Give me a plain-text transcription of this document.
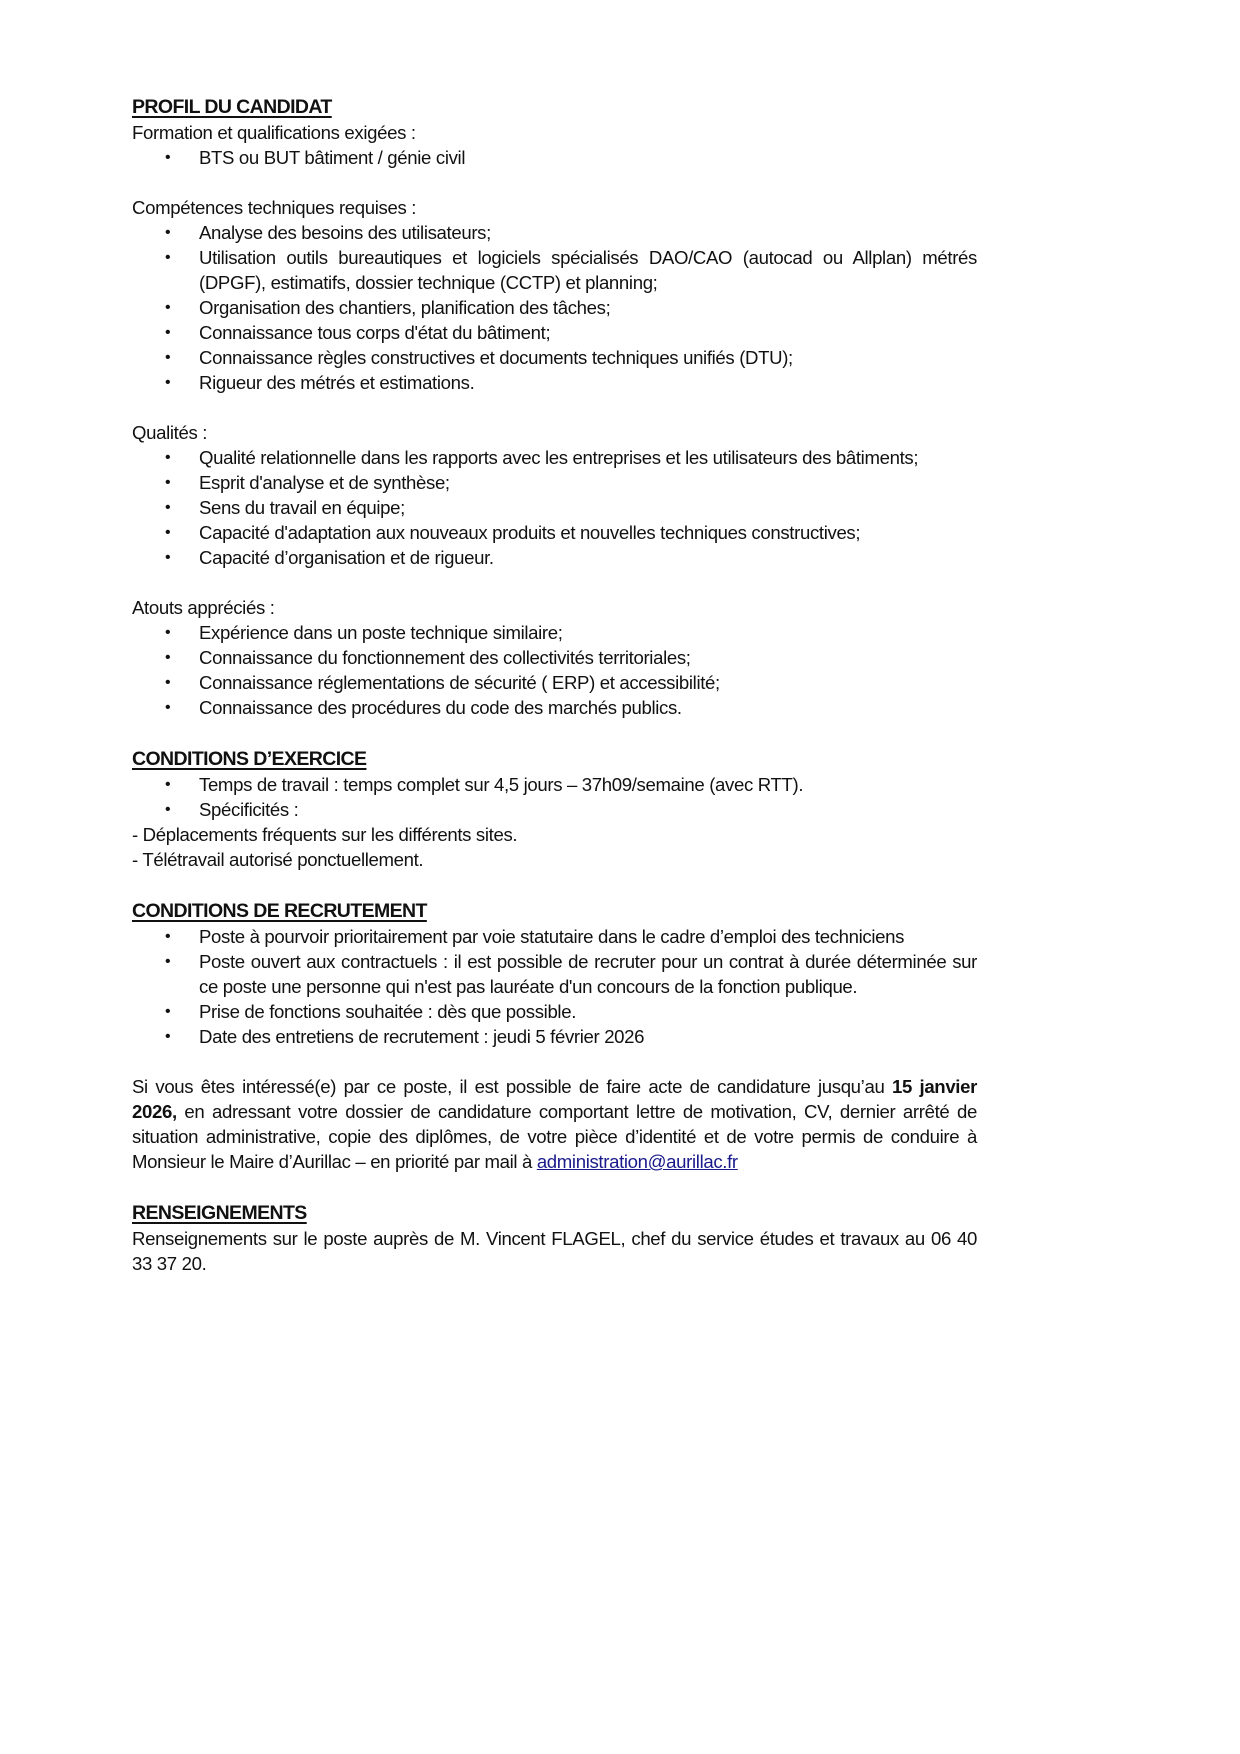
PROFIL DU CANDIDAT

Formation et qualifications exigées :

• BTS ou BUT bâtiment / génie civil

Compétences techniques requises :

• Analyse des besoins des utilisateurs;
• Utilisation outils bureautiques et logiciels spécialisés DAO/CAO (autocad ou Allplan) métrés (DPGF), estimatifs, dossier technique (CCTP) et planning;
• Organisation des chantiers, planification des tâches;
• Connaissance tous corps d'état du bâtiment;
• Connaissance règles constructives et documents techniques unifiés (DTU);
• Rigueur des métrés et estimations.

Qualités :

• Qualité relationnelle dans les rapports avec les entreprises et les utilisateurs des bâtiments;
• Esprit d'analyse et de synthèse;
• Sens du travail en équipe;
• Capacité d'adaptation aux nouveaux produits et nouvelles techniques constructives;
• Capacité d’organisation et de rigueur.

Atouts appréciés :

• Expérience dans un poste technique similaire;
• Connaissance du fonctionnement des collectivités territoriales;
• Connaissance réglementations de sécurité ( ERP) et accessibilité;
• Connaissance des procédures du code des marchés publics.
CONDITIONS D’EXERCICE
• Temps de travail : temps complet sur 4,5 jours – 37h09/semaine (avec RTT).
• Spécificités :

- Déplacements fréquents sur les différents sites.

- Télétravail autorisé ponctuellement.

CONDITIONS DE RECRUTEMENT
• Poste à pourvoir prioritairement par voie statutaire dans le cadre d’emploi des techniciens
• Poste ouvert aux contractuels : il est possible de recruter pour un contrat à durée déterminée sur ce poste une personne qui n'est pas lauréate d'un concours de la fonction publique.
• Prise de fonctions souhaitée : dès que possible.
• Date des entretiens de recrutement : jeudi 5 février 2026

Si vous êtes intéressé(e) par ce poste, il est possible de faire acte de candidature jusqu’au 15 janvier 2026, en adressant votre dossier de candidature comportant lettre de motivation, CV, dernier arrêté de situation administrative, copie des diplômes, de votre pièce d’identité et de votre permis de conduire à Monsieur le Maire d’Aurillac – en priorité par mail à administration@aurillac.fr

RENSEIGNEMENTS

Renseignements sur le poste auprès de M. Vincent FLAGEL, chef du service études et travaux au 06 40 33 37 20.
